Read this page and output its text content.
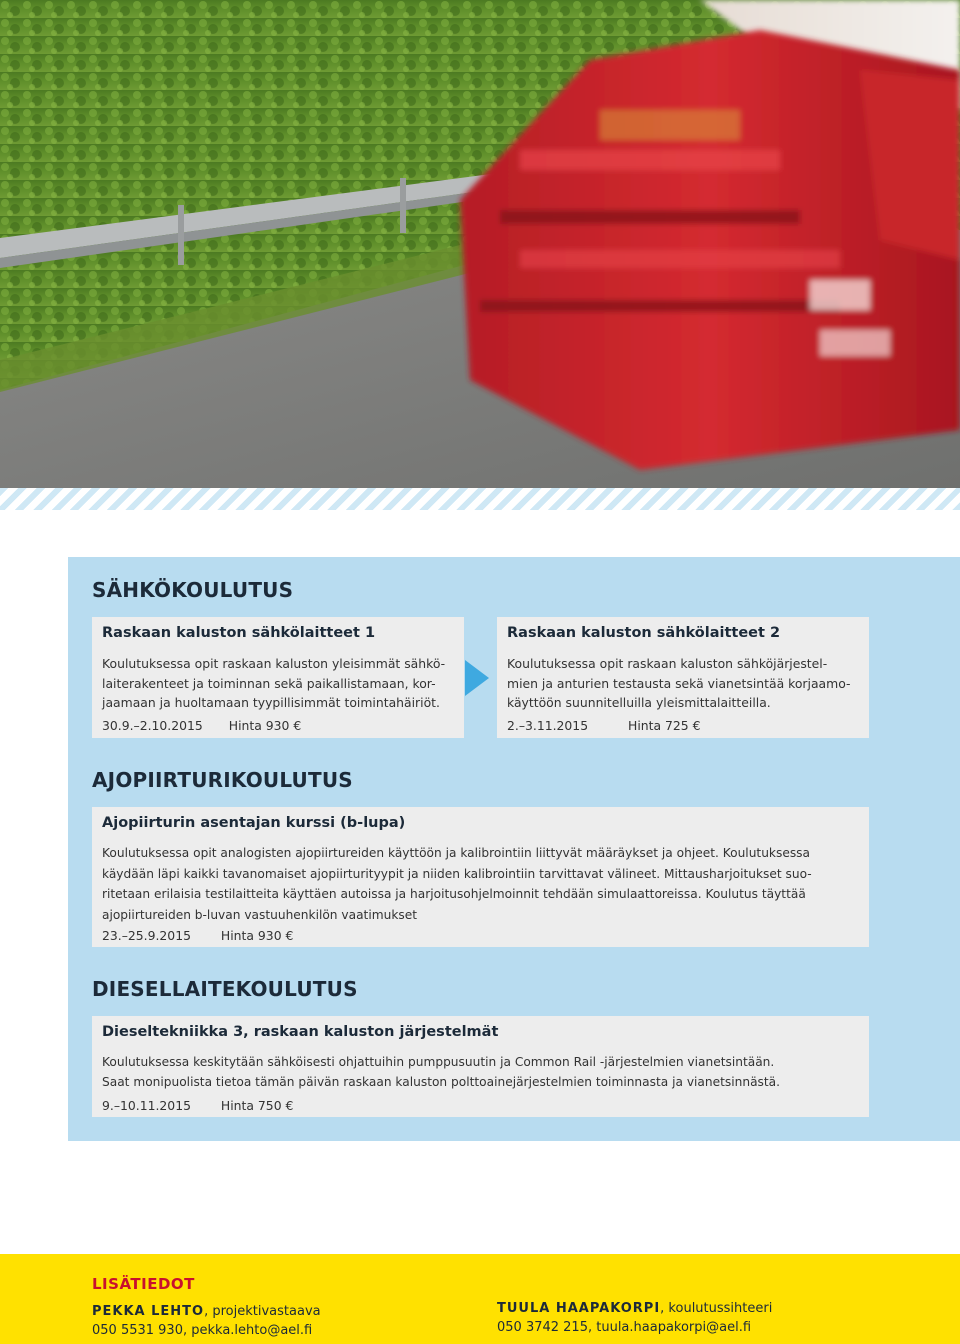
SÄHKÖKOULUTUS
Raskaan kaluston sähkölaitteet 1
Koulutuksessa opit raskaan kaluston yleisimmät sähkö-
laiterakenteet ja toiminnan sekä paikallistamaan, kor-
jaamaan ja huoltamaan tyypillisimmät toimintahäiriöt.
30.9.–2.10.2015 Hinta 930 €
Raskaan kaluston sähkölaitteet 2
Koulutuksessa opit raskaan kaluston sähköjärjestel-
mien ja anturien testausta sekä vianetsintää korjaamo-
käyttöön suunnitelluilla yleismittalaitteilla.
2.–3.11.2015	Hinta 725 €
AJOPIIRTURIKOULUTUS
Ajopiirturin asentajan kurssi (b-lupa)
Koulutuksessa opit analogisten ajopiirtureiden käyttöön ja kalibrointiin liittyvät määräykset ja ohjeet. Koulutuksessa
käydään läpi kaikki tavanomaiset ajopiirturityypit ja niiden kalibrointiin tarvittavat välineet. Mittausharjoitukset suo-
ritetaan erilaisia testilaitteita käyttäen autoissa ja harjoitusohjelmoinnit tehdään simulaattoreissa. Koulutus täyttää
ajopiirtureiden b-luvan vastuuhenkilön vaatimukset
23.–25.9.2015 Hinta 930 €
DIESELLAITEKOULUTUS
Dieseltekniikka 3, raskaan kaluston järjestelmät
Koulutuksessa keskitytään sähköisesti ohjattuihin pumppusuutin ja Common Rail -järjestelmien vianetsintään.
Saat monipuolista tietoa tämän päivän raskaan kaluston polttoainejärjestelmien toiminnasta ja vianetsinnästä.
9.–10.11.2015 Hinta 750 €
LISÄTIEDOT
PEKKA LEHTO, projektivastaava
050 5531 930, pekka.lehto@ael.fi
TUULA HAAPAKORPI, koulutussihteeri
050 3742 215, tuula.haapakorpi@ael.fi
